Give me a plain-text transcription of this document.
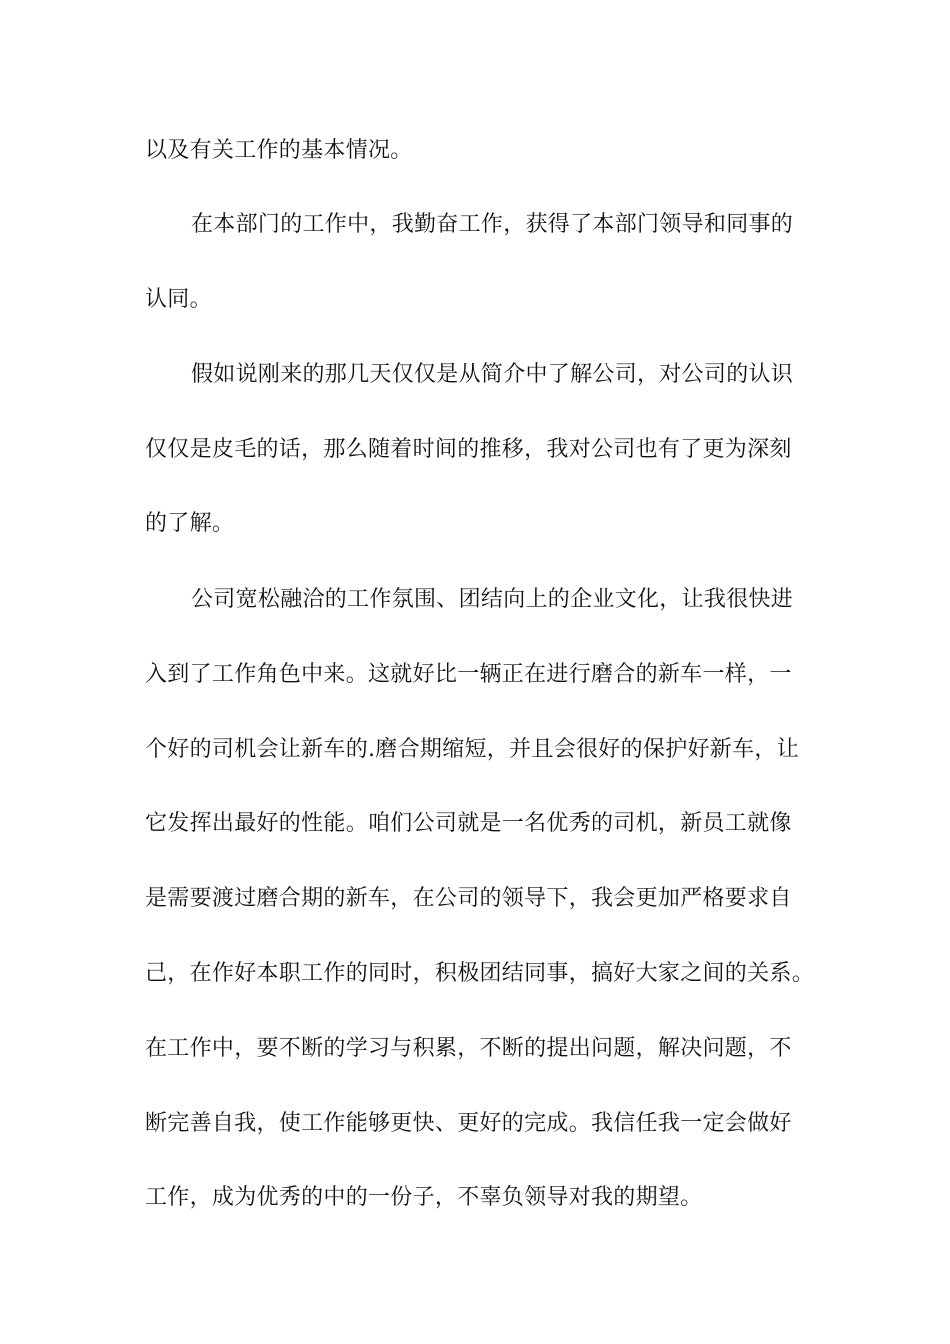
以及有关工作的基本情况。
在本部门的工作中，我勤奋工作，获得了本部门领导和同事的
认同。
假如说刚来的那几天仅仅是从简介中了解公司，对公司的认识
仅仅是皮毛的话，那么随着时间的推移，我对公司也有了更为深刻
的了解。
公司宽松融洽的工作氛围、团结向上的企业文化，让我很快进
入到了工作角色中来。这就好比一辆正在进行磨合的新车一样，一
个好的司机会让新车的.磨合期缩短，并且会很好的保护好新车，让
它发挥出最好的性能。咱们公司就是一名优秀的司机，新员工就像
是需要渡过磨合期的新车，在公司的领导下，我会更加严格要求自
己，在作好本职工作的同时，积极团结同事，搞好大家之间的关系。
在工作中，要不断的学习与积累，不断的提出问题，解决问题，不
断完善自我，使工作能够更快、更好的完成。我信任我一定会做好
工作，成为优秀的中的一份子，不辜负领导对我的期望。
